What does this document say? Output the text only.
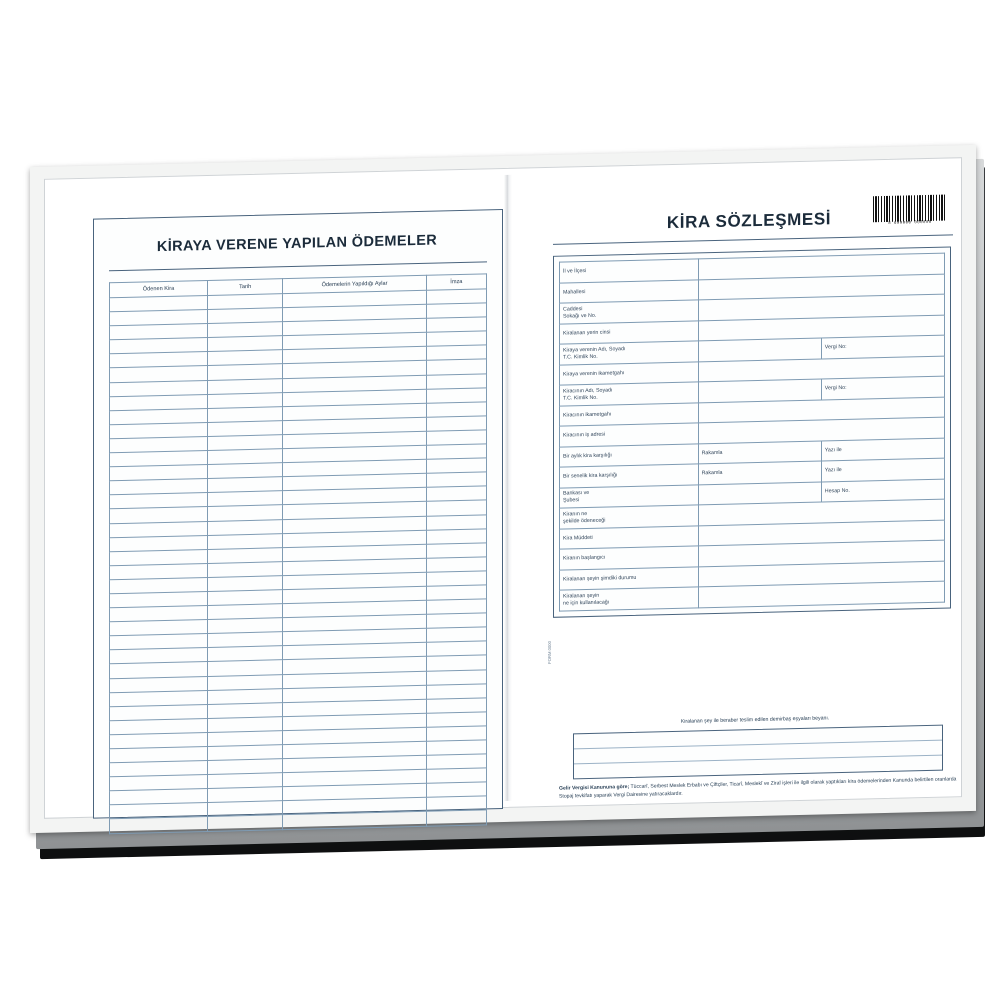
KİRAYA VERENE YAPILAN ÖDEMELER
Ödenen Kira	Tarih	Ödemelerin Yapıldığı Aylar	İmza

8 690000 000000
KİRA SÖZLEŞMESİ
İl ve İlçesi		
Mahallesi		
Caddesi
Sokağı ve No.		
Kiralanan yerin cinsi		
Kiraya verenin Adı, Soyadı
T.C. Kimlik No.		Vergi No:
Kiraya verenin ikametgahı		
Kiracının Adı, Soyadı
T.C. Kimlik No.		Vergi No:
Kiracının ikametgahı		
Kiracının iş adresi		
Bir aylık kira karşılığı	Rakamla	Yazı ile
Bir senelik kira karşılığı	Rakamla	Yazı ile
Bankası ve
Şubesi		Hesap No.
Kiranın ne
şekilde ödeneceği		
Kira Müddeti		
Kiranın başlangıcı		
Kiralanan şeyin şimdiki durumu		
Kiralanan şeyin
ne için kullanılacağı		
FORM 0000
Kiralanan şey ile beraber teslim edilen demirbaş eşyaları beyanı.
Gelir Vergisi Kanununa göre; Tüccarî, Serbest Meslek Erbabı ve Çiftçiler, Ticarî, Meslekî ve Ziraî işleri ile ilgili olarak yaptıkları kira ödemelerinden Kanunda belirtilen oranlarda Stopaj tevkifatı yaparak Vergi Dairesine yatıracaklardır.
